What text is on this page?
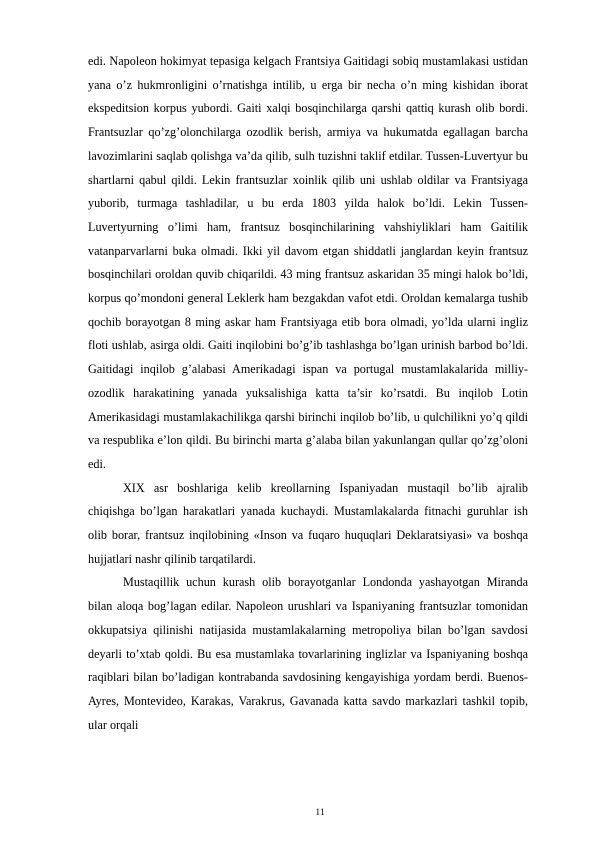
edi. Napoleon hokimyat tepasiga kelgach Frantsiya Gaitidagi sobiq mustamlakasi ustidan yana o’z hukmronligini o’rnatishga intilib, u erga bir necha o’n ming kishidan iborat ekspeditsion korpus yubordi. Gaiti xalqi bosqinchilarga qarshi qattiq kurash olib bordi. Frantsuzlar qo’zg’olonchilarga ozodlik berish, armiya va hukumatda egallagan barcha lavozimlarini saqlab qolishga va’da qilib, sulh tuzishni taklif etdilar. Tussen-Luvertyur bu shartlarni qabul qildi. Lekin frantsuzlar xoinlik qilib uni ushlab oldilar va Frantsiyaga yuborib, turmaga tashladilar, u bu erda 1803 yilda halok bo’ldi. Lekin Tussen-Luvertyurning o’limi ham, frantsuz bosqinchilarining vahshiyliklari ham Gaitilik vatanparvarlarni buka olmadi. Ikki yil davom etgan shiddatli janglardan keyin frantsuz bosqinchilari oroldan quvib chiqarildi. 43 ming frantsuz askaridan 35 mingi halok bo’ldi, korpus qo’mondoni general Leklerk ham bezgakdan vafot etdi. Oroldan kemalarga tushib qochib borayotgan 8 ming askar ham Frantsiyaga etib bora olmadi, yo’lda ularni ingliz floti ushlab, asirga oldi. Gaiti inqilobini bo’g’ib tashlashga bo’lgan urinish barbod bo’ldi. Gaitidagi inqilob g’alabasi Amerikadagi ispan va portugal mustamlakalarida milliy-ozodlik harakatining yanada yuksalishiga katta ta’sir ko’rsatdi. Bu inqilob Lotin Amerikasidagi mustamlakachilikga qarshi birinchi inqilob bo’lib, u qulchilikni yo’q qildi va respublika e’lon qildi. Bu birinchi marta g’alaba bilan yakunlangan qullar qo’zg’oloni edi.

XIX asr boshlariga kelib kreollarning Ispaniyadan mustaqil bo’lib ajralib chiqishga bo’lgan harakatlari yanada kuchaydi. Mustamlakalarda fitnachi guruhlar ish olib borar, frantsuz inqilobining «Inson va fuqaro huquqlari Deklaratsiyasi» va boshqa hujjatlari nashr qilinib tarqatilardi.

Mustaqillik uchun kurash olib borayotganlar Londonda yashayotgan Miranda bilan aloqa bog’lagan edilar. Napoleon urushlari va Ispaniyaning frantsuzlar tomonidan okkupatsiya qilinishi natijasida mustamlakalarning metropoliya bilan bo’lgan savdosi deyarli to’xtab qoldi. Bu esa mustamlaka tovarlarining inglizlar va Ispaniyaning boshqa raqiblari bilan bo’ladigan kontrabanda savdosining kengayishiga yordam berdi. Buenos-Ayres, Montevideo, Karakas, Varakrus, Gavanada katta savdo markazlari tashkil topib, ular orqali

11
